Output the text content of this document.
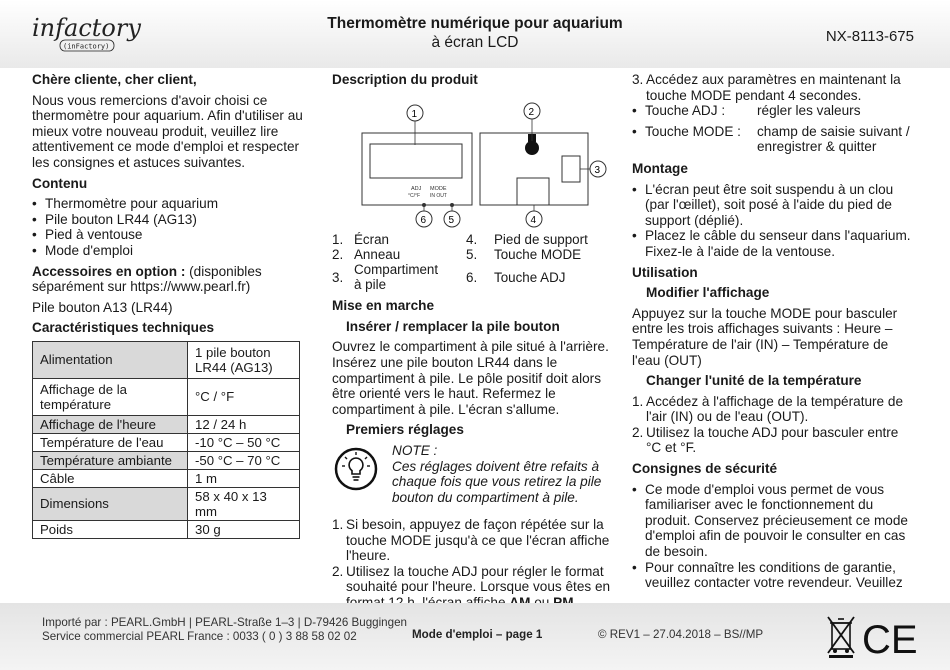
infactory
(inFactory)
Thermomètre numérique pour aquarium
à écran LCD	NX-8113-675
Chère cliente, cher client,

Nous vous remercions d'avoir choisi ce thermomètre pour aquarium. Afin d'utiliser au mieux votre nouveau produit, veuillez lire attentivement ce mode d'emploi et respecter les consignes et astuces suivantes.

Contenu
• Thermomètre pour aquarium
• Pile bouton LR44 (AG13)
• Pied à ventouse
• Mode d'emploi

Accessoires en option : (disponibles séparément sur https://www.pearl.fr)

Pile bouton A13 (LR44)

Caractéristiques techniques
Alimentation	1 pile bouton LR44 (AG13)
Affichage de la température	°C / °F
Affichage de l'heure	12 / 24 h
Température de l'eau	-10 °C – 50 °C
Température ambiante	-50 °C – 70 °C
Câble	1 m
Dimensions	58 x 40 x 13 mm
Poids	30 g
Description du produit
ADJ
°C/°F
MODE
IN OUT
1
6 5
2
3
4
1. Écran	4.	Pied de support
2. Anneau	5.	Touche MODE
3. Compartiment à pile	6.	Touche ADJ
Mise en marche
Insérer / remplacer la pile bouton

Ouvrez le compartiment à pile situé à l'arrière. Insérez une pile bouton LR44 dans le compartiment à pile. Le pôle positif doit alors être orienté vers le haut. Refermez le compartiment à pile. L'écran s'allume.

Premiers réglages
NOTE :
Ces réglages doivent être refaits à chaque fois que vous retirez la pile bouton du compartiment à pile.
1. Si besoin, appuyez de façon répétée sur la touche MODE jusqu'à ce que l'écran affiche l'heure.
2. Utilisez la touche ADJ pour régler le format souhaité pour l'heure. Lorsque vous êtes en
3. Accédez aux paramètres en maintenant la touche MODE pendant 4 secondes.
• Touche ADJ :	régler les valeurs
• Touche MODE :	champ de saisie suivant / enregistrer & quitter
Montage
• L'écran peut être soit suspendu à un clou (par l'œillet), soit posé à l'aide du pied de support (déplié).
• Placez le câble du senseur dans l'aquarium. Fixez-le à l'aide de la ventouse.
Utilisation
Modifier l'affichage

Appuyez sur la touche MODE pour basculer entre les trois affichages suivants : Heure – Température de l'air (IN) – Température de l'eau (OUT)

Changer l'unité de la température
1. Accédez à l'affichage de la température de l'air (IN) ou de l'eau (OUT).
2. Utilisez la touche ADJ pour basculer entre °C et °F.
Consignes de sécurité
• Ce mode d'emploi vous permet de vous familiariser avec le fonctionnement du produit. Conservez précieusement ce mode d'emploi afin de pouvoir le consulter en cas de besoin.
• Pour connaître les conditions de garantie, veuillez contacter votre revendeur. Veuillez
Importé par : PEARL.GmbH | PEARL-Straße 1–3 | D-79426 Buggingen
Service commercial PEARL France : 0033 ( 0 ) 3 88 58 02 02	Mode d'emploi – page 1	© REV1 – 27.04.2018 – BS//MP CE
